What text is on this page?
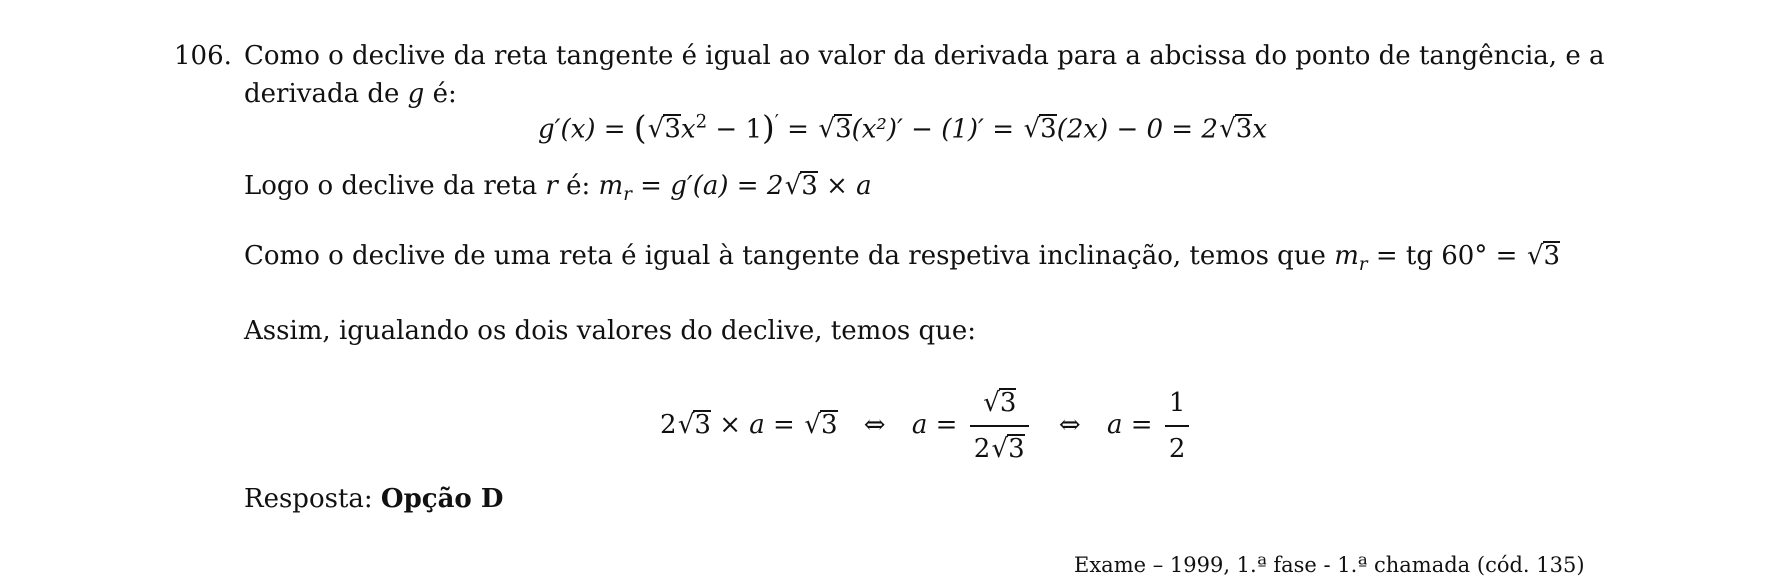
106. Como o declive da reta tangente é igual ao valor da derivada para a abcissa do ponto de tangência, e a
derivada de g é:
$g'(x) = (√3x^2 - 1)' = √3(x^2)' - (1)' = √3(2x) - 0 = 2√3x$
Logo o declive da reta r é: $m_r = g'(a) = 2√3 \times a$
Como o declive de uma reta é igual à tangente da respetiva inclinação, temos que $m_r$ = tg 60° = √3
Assim, igualando os dois valores do declive, temos que:
2√3 × a = √3 ⇔ $a = \frac{√3}{2√3}$ ⇔ $a = \frac{1}{2}$
Resposta: Opção D
Exame – 1999, 1.ª fase - 1.ª chamada (cód. 135)
